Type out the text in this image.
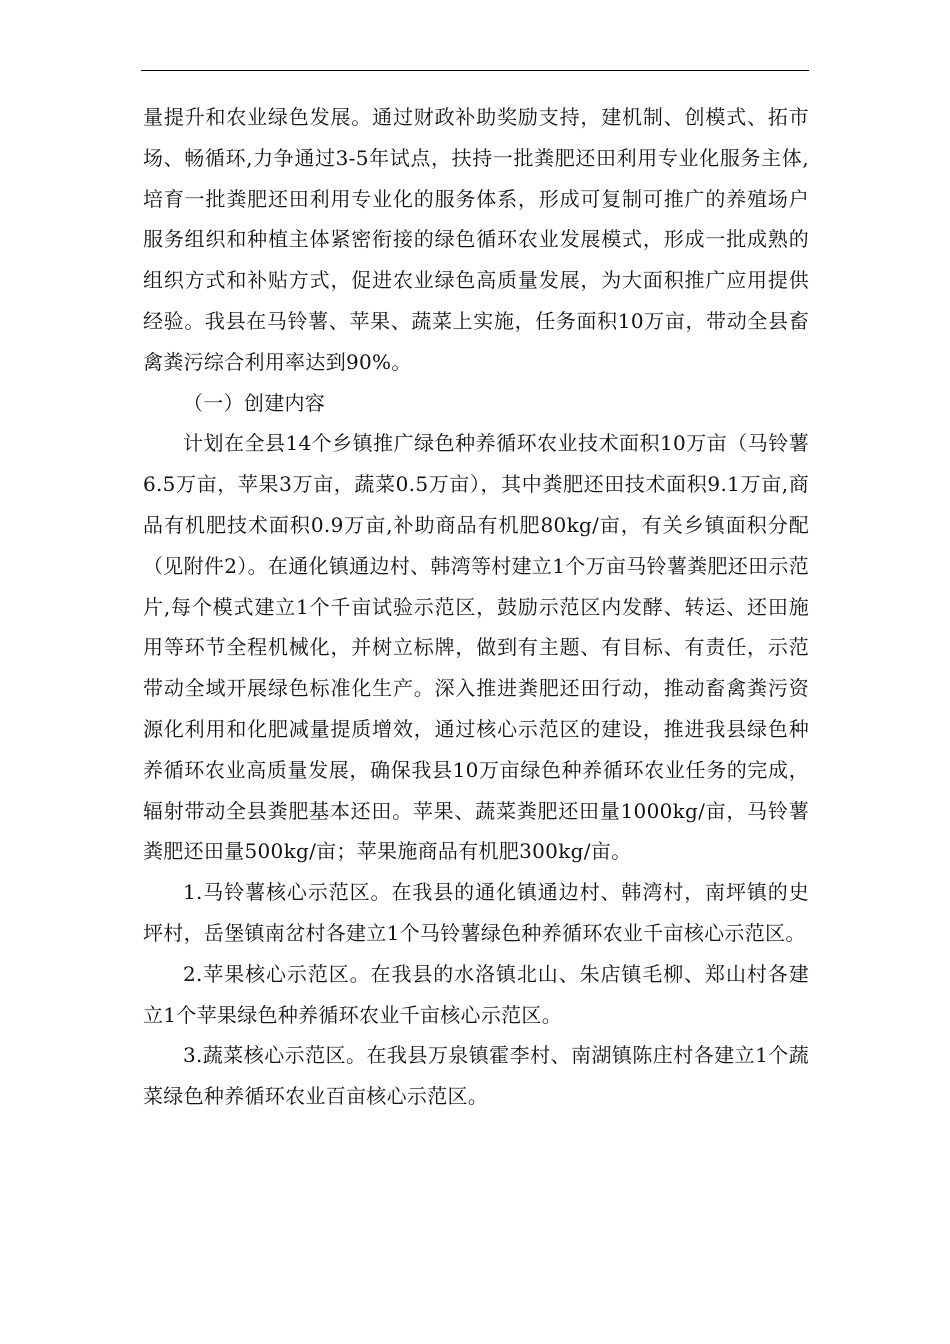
量提升和农业绿色发展。通过财政补助奖励支持，建机制、创模式、拓市场、畅循环,力争通过3-5年试点，扶持一批粪肥还田利用专业化服务主体,培育一批粪肥还田利用专业化的服务体系，形成可复制可推广的养殖场户服务组织和种植主体紧密衔接的绿色循环农业发展模式，形成一批成熟的组织方式和补贴方式，促进农业绿色高质量发展，为大面积推广应用提供经验。我县在马铃薯、苹果、蔬菜上实施，任务面积10万亩，带动全县畜禽粪污综合利用率达到90%。

（一）创建内容

计划在全县14个乡镇推广绿色种养循环农业技术面积10万亩（马铃薯6.5万亩，苹果3万亩，蔬菜0.5万亩），其中粪肥还田技术面积9.1万亩,商品有机肥技术面积0.9万亩,补助商品有机肥80kg/亩，有关乡镇面积分配（见附件2）。在通化镇通边村、韩湾等村建立1个万亩马铃薯粪肥还田示范片,每个模式建立1个千亩试验示范区，鼓励示范区内发酵、转运、还田施用等环节全程机械化，并树立标牌，做到有主题、有目标、有责任，示范带动全域开展绿色标准化生产。深入推进粪肥还田行动，推动畜禽粪污资源化利用和化肥减量提质增效，通过核心示范区的建设，推进我县绿色种养循环农业高质量发展，确保我县10万亩绿色种养循环农业任务的完成，辐射带动全县粪肥基本还田。苹果、蔬菜粪肥还田量1000kg/亩，马铃薯粪肥还田量500kg/亩；苹果施商品有机肥300kg/亩。

1.马铃薯核心示范区。在我县的通化镇通边村、韩湾村，南坪镇的史坪村，岳堡镇南岔村各建立1个马铃薯绿色种养循环农业千亩核心示范区。

2.苹果核心示范区。在我县的水洛镇北山、朱店镇毛柳、郑山村各建立1个苹果绿色种养循环农业千亩核心示范区。

3.蔬菜核心示范区。在我县万泉镇霍李村、南湖镇陈庄村各建立1个蔬菜绿色种养循环农业百亩核心示范区。
